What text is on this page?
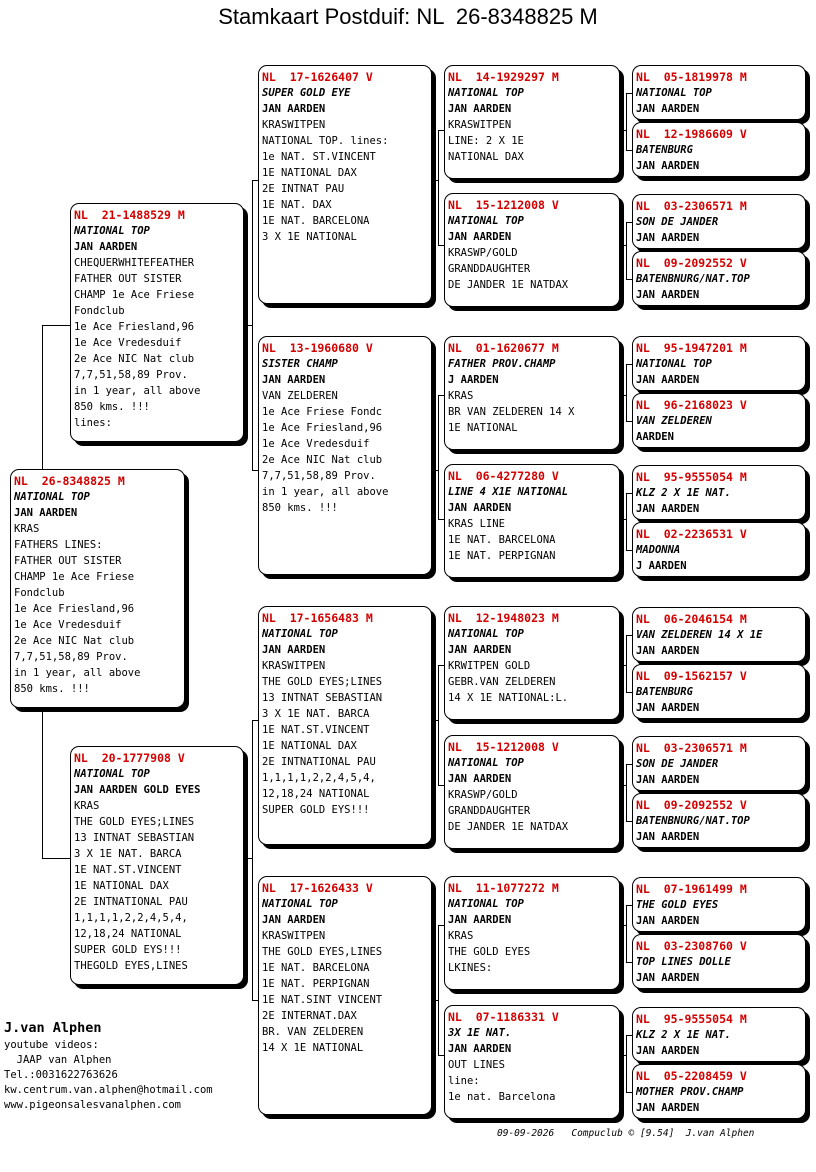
Stamkaart Postduif: NL  26-8348825 M
NL  26-8348825 M
NATIONAL TOP
JAN AARDEN
KRAS
FATHERS LINES:
FATHER OUT SISTER
CHAMP 1e Ace Friese
Fondclub
1e Ace Friesland,96
1e Ace Vredesduif
2e Ace NIC Nat club
7,7,51,58,89 Prov.
in 1 year, all above
850 kms. !!!
NL  21-1488529 M
NATIONAL TOP
JAN AARDEN
CHEQUERWHITEFEATHER
FATHER OUT SISTER
CHAMP 1e Ace Friese
Fondclub
1e Ace Friesland,96
1e Ace Vredesduif
2e Ace NIC Nat club
7,7,51,58,89 Prov.
in 1 year, all above
850 kms. !!!
lines:
NL  20-1777908 V
NATIONAL TOP
JAN AARDEN GOLD EYES
KRAS
THE GOLD EYES;LINES
13 INTNAT SEBASTIAN
3 X 1E NAT. BARCA
1E NAT.ST.VINCENT
1E NATIONAL DAX
2E INTNATIONAL PAU
1,1,1,1,2,2,4,5,4,
12,18,24 NATIONAL
SUPER GOLD EYS!!!
THEGOLD EYES,LINES
NL  17-1626407 V
SUPER GOLD EYE
JAN AARDEN
KRASWITPEN
NATIONAL TOP. lines:
1e NAT. ST.VINCENT
1E NATIONAL DAX
2E INTNAT PAU
1E NAT. DAX
1E NAT. BARCELONA
3 X 1E NATIONAL
NL  13-1960680 V
SISTER CHAMP
JAN AARDEN
VAN ZELDEREN
1e Ace Friese Fondc
1e Ace Friesland,96
1e Ace Vredesduif
2e Ace NIC Nat club
7,7,51,58,89 Prov.
in 1 year, all above
850 kms. !!!
NL  17-1656483 M
NATIONAL TOP
JAN AARDEN
KRASWITPEN
THE GOLD EYES;LINES
13 INTNAT SEBASTIAN
3 X 1E NAT. BARCA
1E NAT.ST.VINCENT
1E NATIONAL DAX
2E INTNATIONAL PAU
1,1,1,1,2,2,4,5,4,
12,18,24 NATIONAL
SUPER GOLD EYS!!!
NL  17-1626433 V
NATIONAL TOP
JAN AARDEN
KRASWITPEN
THE GOLD EYES,LINES
1E NAT. BARCELONA
1E NAT. PERPIGNAN
1E NAT.SINT VINCENT
2E INTERNAT.DAX
BR. VAN ZELDEREN
14 X 1E NATIONAL
NL  14-1929297 M
NATIONAL TOP
JAN AARDEN
KRASWITPEN
LINE: 2 X 1E
NATIONAL DAX
NL  15-1212008 V
NATIONAL TOP
JAN AARDEN
KRASWP/GOLD
GRANDDAUGHTER
DE JANDER 1E NATDAX
NL  01-1620677 M
FATHER PROV.CHAMP
J AARDEN
KRAS
BR VAN ZELDEREN 14 X
1E NATIONAL
NL  06-4277280 V
LINE 4 X1E NATIONAL
JAN AARDEN
KRAS LINE
1E NAT. BARCELONA
1E NAT. PERPIGNAN
NL  12-1948023 M
NATIONAL TOP
JAN AARDEN
KRWITPEN GOLD
GEBR.VAN ZELDEREN
14 X 1E NATIONAL:L.
NL  15-1212008 V
NATIONAL TOP
JAN AARDEN
KRASWP/GOLD
GRANDDAUGHTER
DE JANDER 1E NATDAX
NL  11-1077272 M
NATIONAL TOP
JAN AARDEN
KRAS
THE GOLD EYES
LKINES:
NL  07-1186331 V
3X 1E NAT.
JAN AARDEN
OUT LINES
line:
1e nat. Barcelona
NL  05-1819978 M
NATIONAL TOP
JAN AARDEN
NL  12-1986609 V
BATENBURG
JAN AARDEN
NL  03-2306571 M
SON DE JANDER
JAN AARDEN
NL  09-2092552 V
BATENBNURG/NAT.TOP
JAN AARDEN
NL  95-1947201 M
NATIONAL TOP
JAN AARDEN
NL  96-2168023 V
VAN ZELDEREN
AARDEN
NL  95-9555054 M
KLZ 2 X 1E NAT.
JAN AARDEN
NL  02-2236531 V
MADONNA
J AARDEN
NL  06-2046154 M
VAN ZELDEREN 14 X 1E
JAN AARDEN
NL  09-1562157 V
BATENBURG
JAN AARDEN
NL  03-2306571 M
SON DE JANDER
JAN AARDEN
NL  09-2092552 V
BATENBNURG/NAT.TOP
JAN AARDEN
NL  07-1961499 M
THE GOLD EYES
JAN AARDEN
NL  03-2308760 V
TOP LINES DOLLE
JAN AARDEN
NL  95-9555054 M
KLZ 2 X 1E NAT.
JAN AARDEN
NL  05-2208459 V
MOTHER PROV.CHAMP
JAN AARDEN
J.van Alphen
youtube videos:
JAAP van Alphen
Tel.:0031622763626
kw.centrum.van.alphen@hotmail.com
www.pigeonsalesvanalphen.com
09-09-2026   Compuclub © [9.54]  J.van Alphen
